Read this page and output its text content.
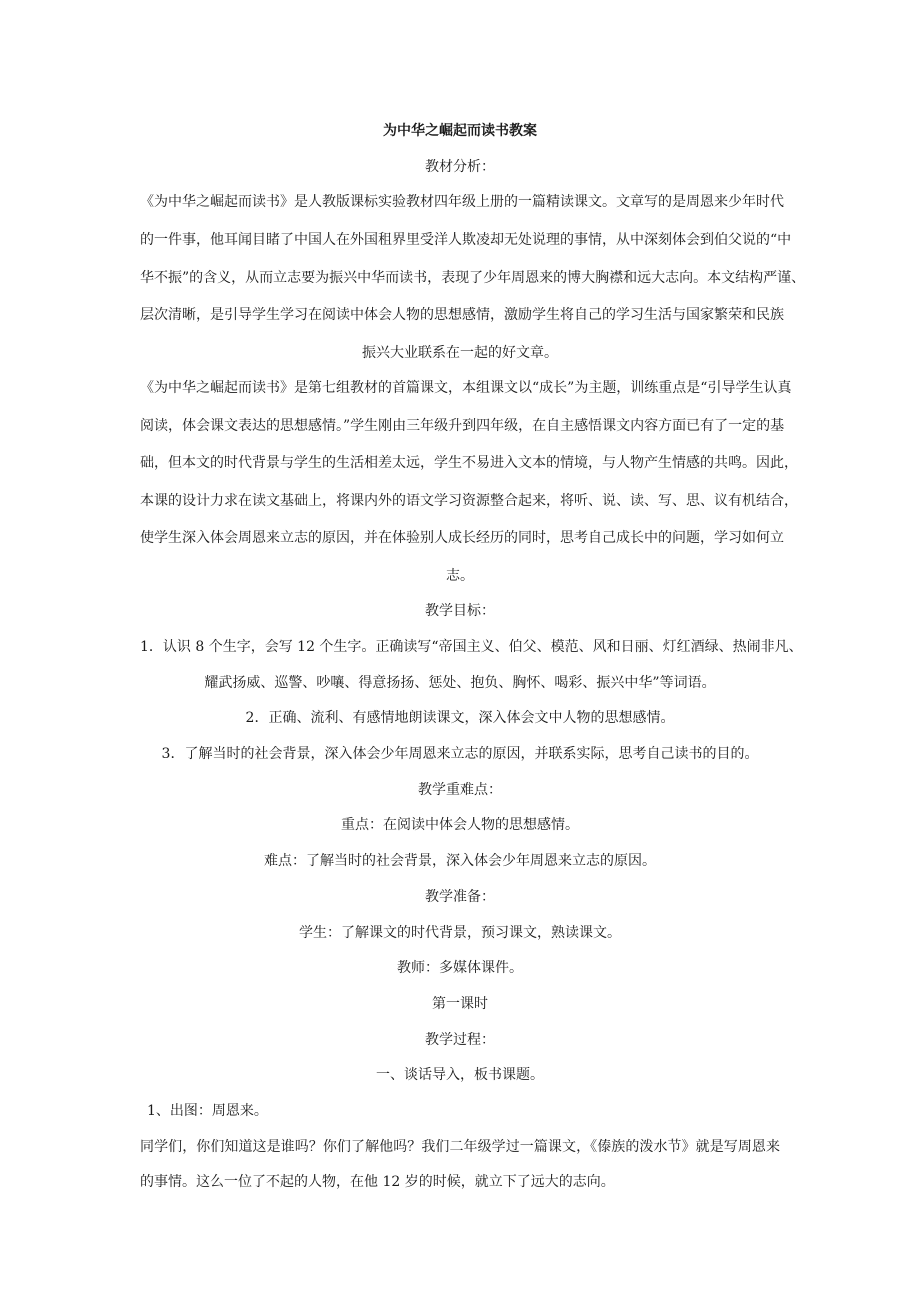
为中华之崛起而读书教案
教材分析：
《为中华之崛起而读书》是人教版课标实验教材四年级上册的一篇精读课文。文章写的是周恩来少年时代
的一件事，他耳闻目睹了中国人在外国租界里受洋人欺凌却无处说理的事情，从中深刻体会到伯父说的“中
华不振”的含义，从而立志要为振兴中华而读书，表现了少年周恩来的博大胸襟和远大志向。本文结构严谨、
层次清晰，是引导学生学习在阅读中体会人物的思想感情，激励学生将自己的学习生活与国家繁荣和民族
振兴大业联系在一起的好文章。
《为中华之崛起而读书》是第七组教材的首篇课文，本组课文以“成长”为主题，训练重点是“引导学生认真
阅读，体会课文表达的思想感情。”学生刚由三年级升到四年级，在自主感悟课文内容方面已有了一定的基
础，但本文的时代背景与学生的生活相差太远，学生不易进入文本的情境，与人物产生情感的共鸣。因此，
本课的设计力求在读文基础上，将课内外的语文学习资源整合起来，将听、说、读、写、思、议有机结合，
使学生深入体会周恩来立志的原因，并在体验别人成长经历的同时，思考自己成长中的问题，学习如何立
志。
教学目标：
1．认识 8 个生字，会写 12 个生字。正确读写“帝国主义、伯父、模范、风和日丽、灯红酒绿、热闹非凡、
耀武扬威、巡警、吵嚷、得意扬扬、惩处、抱负、胸怀、喝彩、振兴中华”等词语。
2．正确、流利、有感情地朗读课文，深入体会文中人物的思想感情。
3．了解当时的社会背景，深入体会少年周恩来立志的原因，并联系实际，思考自己读书的目的。
教学重难点：
重点：在阅读中体会人物的思想感情。
难点：了解当时的社会背景，深入体会少年周恩来立志的原因。
教学准备：
学生：了解课文的时代背景，预习课文，熟读课文。
教师：多媒体课件。
第一课时
教学过程：
一、谈话导入，板书课题。
1、出图：周恩来。
同学们，你们知道这是谁吗？你们了解他吗？我们二年级学过一篇课文，《傣族的泼水节》就是写周恩来
的事情。这么一位了不起的人物，在他 12 岁的时候，就立下了远大的志向。
